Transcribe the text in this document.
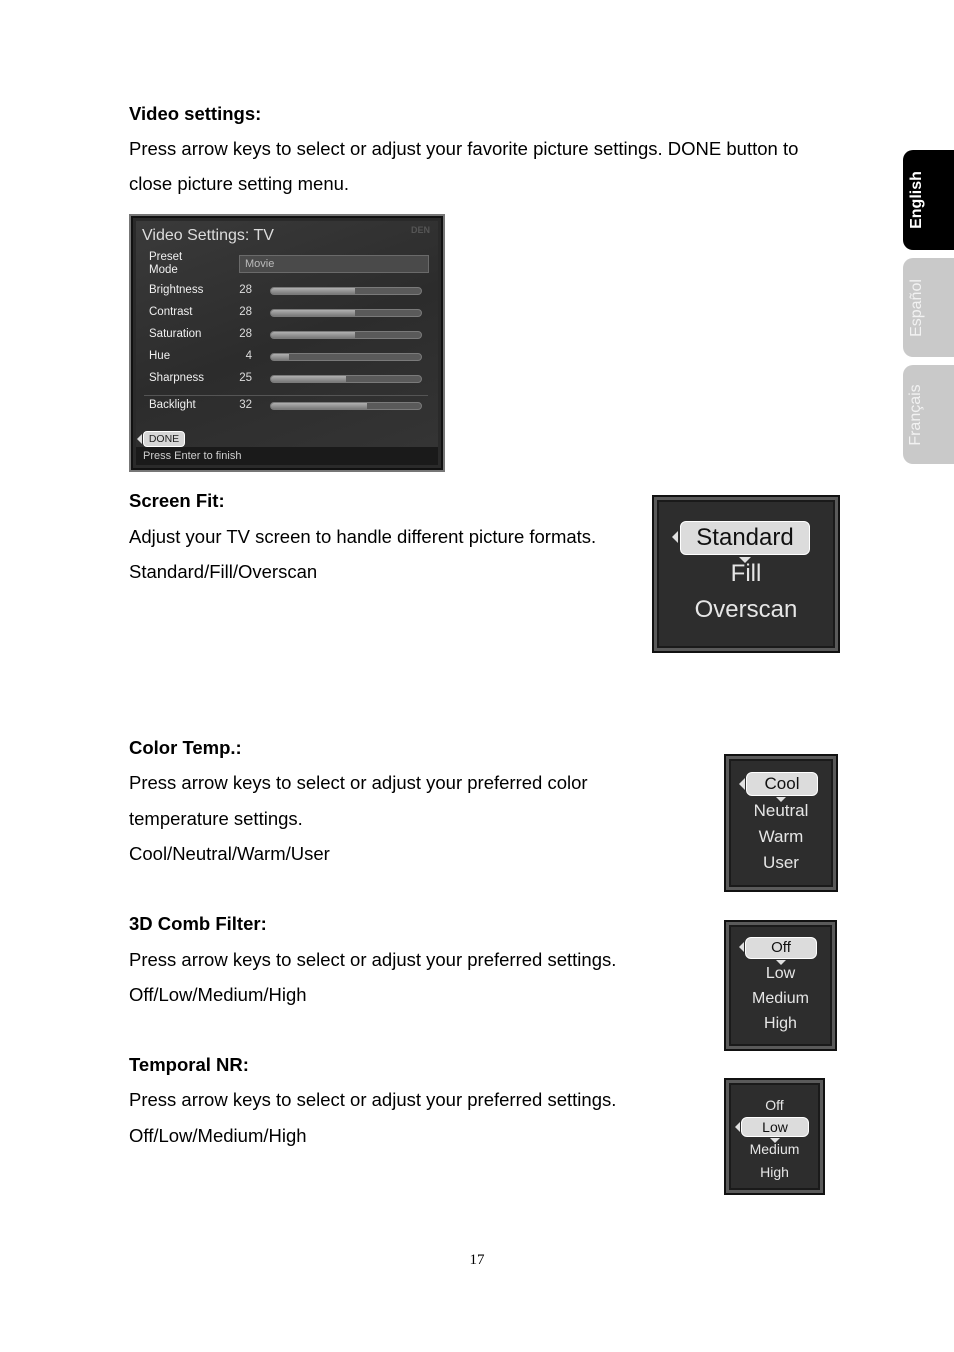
English
Español
Français
Video settings:
Press arrow keys to select or adjust your favorite picture settings. DONE button to
close picture setting menu.
Video Settings: TV	DEN
Preset
Mode	Movie
Brightness	28
Contrast	28
Saturation	28
Hue	4
Sharpness	25
Backlight	32
DONE
Press Enter to finish
Screen Fit:
Adjust your TV screen to handle different picture formats.
Standard/Fill/Overscan
Standard
Fill
Overscan
Color Temp.:
Press arrow keys to select or adjust your preferred color
temperature settings.
Cool/Neutral/Warm/User
Cool
Neutral
Warm
User
3D Comb Filter:
Press arrow keys to select or adjust your preferred settings.
Off/Low/Medium/High
Off
Low
Medium
High
Temporal NR:
Press arrow keys to select or adjust your preferred settings.
Off/Low/Medium/High
Off
Low
Medium
High
17
